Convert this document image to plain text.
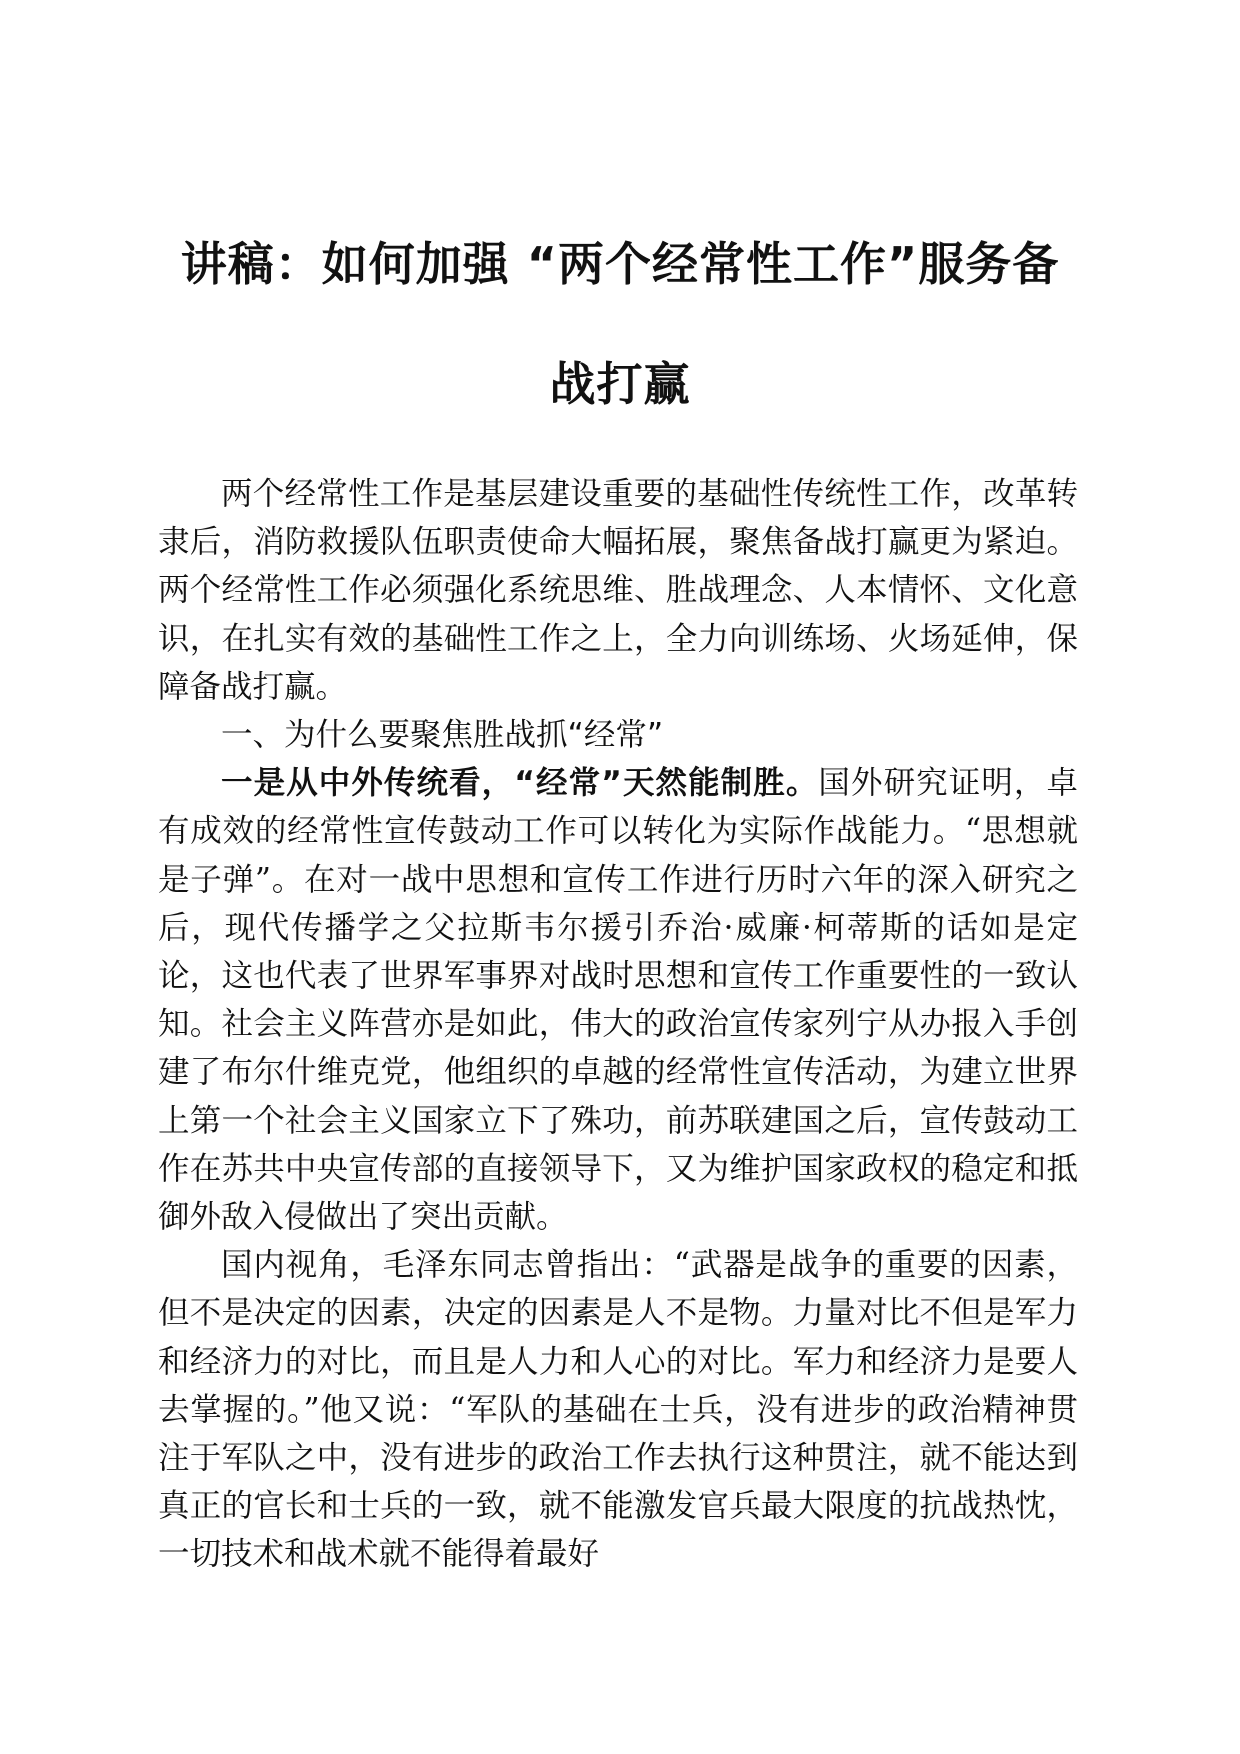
讲稿：如何加强 “两个经常性工作”服务备
战打赢

两个经常性工作是基层建设重要的基础性传统性工作，改革转隶后，消防救援队伍职责使命大幅拓展，聚焦备战打赢更为紧迫。两个经常性工作必须强化系统思维、胜战理念、人本情怀、文化意识，在扎实有效的基础性工作之上，全力向训练场、火场延伸，保障备战打赢。

一、为什么要聚焦胜战抓“经常”

一是从中外传统看，“经常”天然能制胜。国外研究证明，卓有成效的经常性宣传鼓动工作可以转化为实际作战能力。“思想就是子弹”。在对一战中思想和宣传工作进行历时六年的深入研究之后，现代传播学之父拉斯韦尔援引乔治·威廉·柯蒂斯的话如是定论，这也代表了世界军事界对战时思想和宣传工作重要性的一致认知。社会主义阵营亦是如此，伟大的政治宣传家列宁从办报入手创建了布尔什维克党，他组织的卓越的经常性宣传活动，为建立世界上第一个社会主义国家立下了殊功，前苏联建国之后，宣传鼓动工作在苏共中央宣传部的直接领导下，又为维护国家政权的稳定和抵御外敌入侵做出了突出贡献。

国内视角，毛泽东同志曾指出：“武器是战争的重要的因素，但不是决定的因素，决定的因素是人不是物。力量对比不但是军力和经济力的对比，而且是人力和人心的对比。军力和经济力是要人去掌握的。”他又说：“军队的基础在士兵，没有进步的政治精神贯注于军队之中，没有进步的政治工作去执行这种贯注，就不能达到真正的官长和士兵的一致，就不能激发官兵最大限度的抗战热忱，一切技术和战术就不能得着最好
